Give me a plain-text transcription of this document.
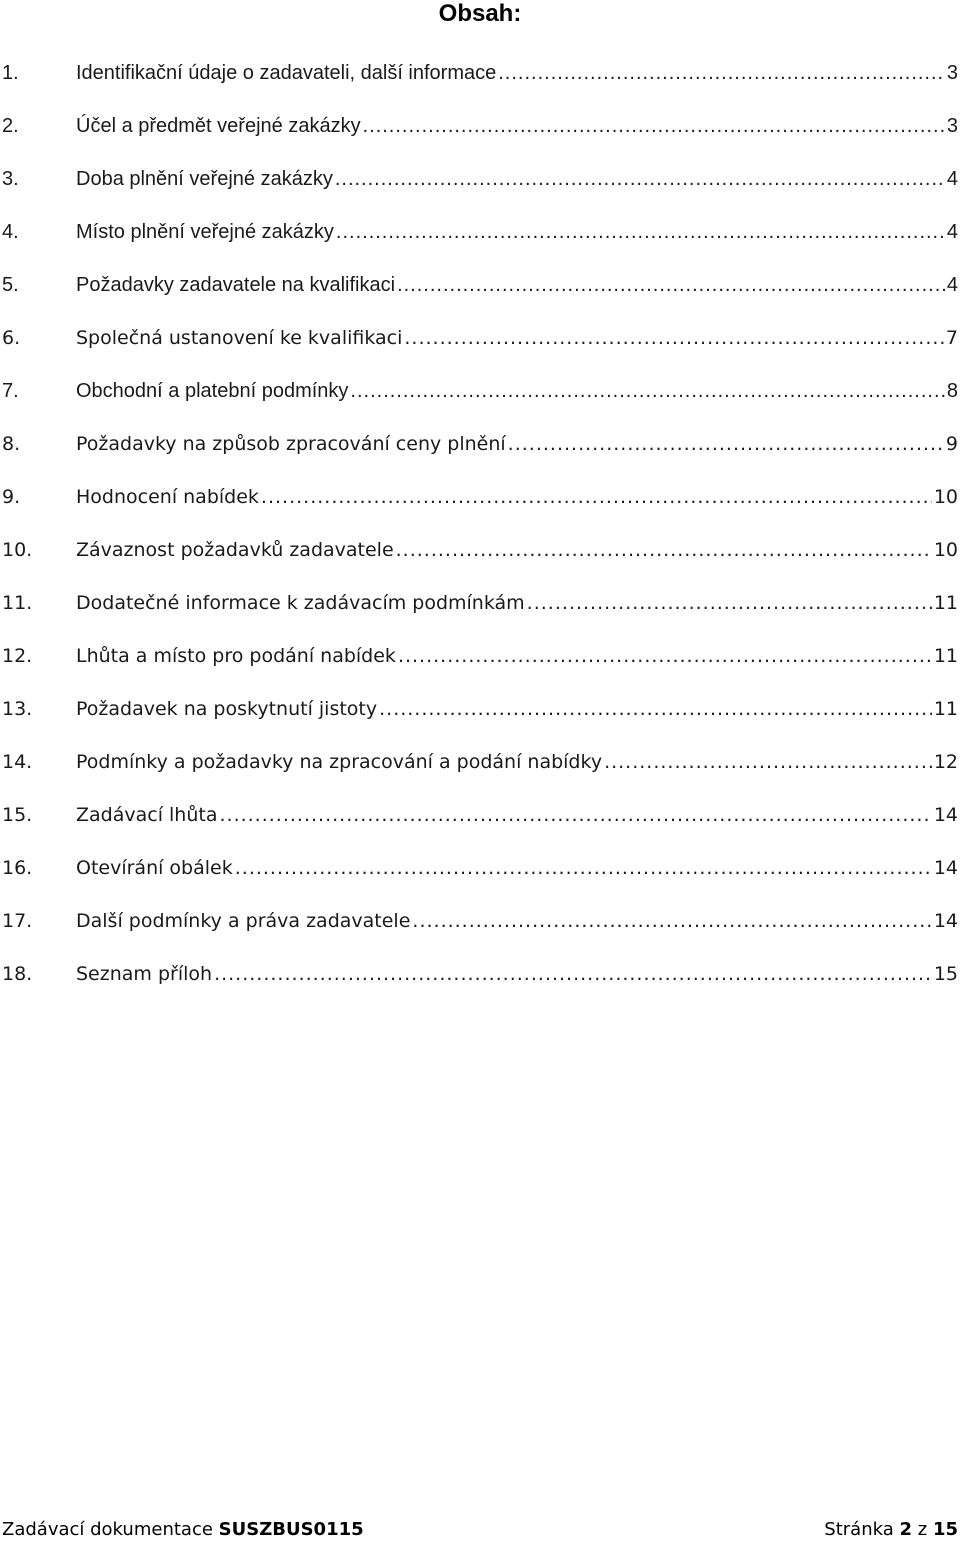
Obsah:
1.	Identifikační údaje o zadavateli, další informace .....	3
2.	Účel a předmět veřejné zakázky .....	3
3.	Doba plnění veřejné zakázky .....	4
4.	Místo plnění veřejné zakázky .....	4
5.	Požadavky zadavatele na kvalifikaci .....	4
6.	Společná ustanovení ke kvalifikaci .....	7
7.	Obchodní a platební podmínky .....	8
8.	Požadavky na způsob zpracování ceny plnění .....	9
9.	Hodnocení nabídek .....	10
10.	Závaznost požadavků zadavatele .....	10
11.	Dodatečné informace k zadávacím podmínkám .....	11
12.	Lhůta a místo pro podání nabídek .....	11
13.	Požadavek na poskytnutí jistoty .....	11
14.	Podmínky a požadavky na zpracování a podání nabídky .....	12
15.	Zadávací lhůta .....	14
16.	Otevírání obálek .....	14
17.	Další podmínky a práva zadavatele .....	14
18.	Seznam příloh .....	15
Zadávací dokumentace SUSZBUS0115	Stránka 2 z 15
